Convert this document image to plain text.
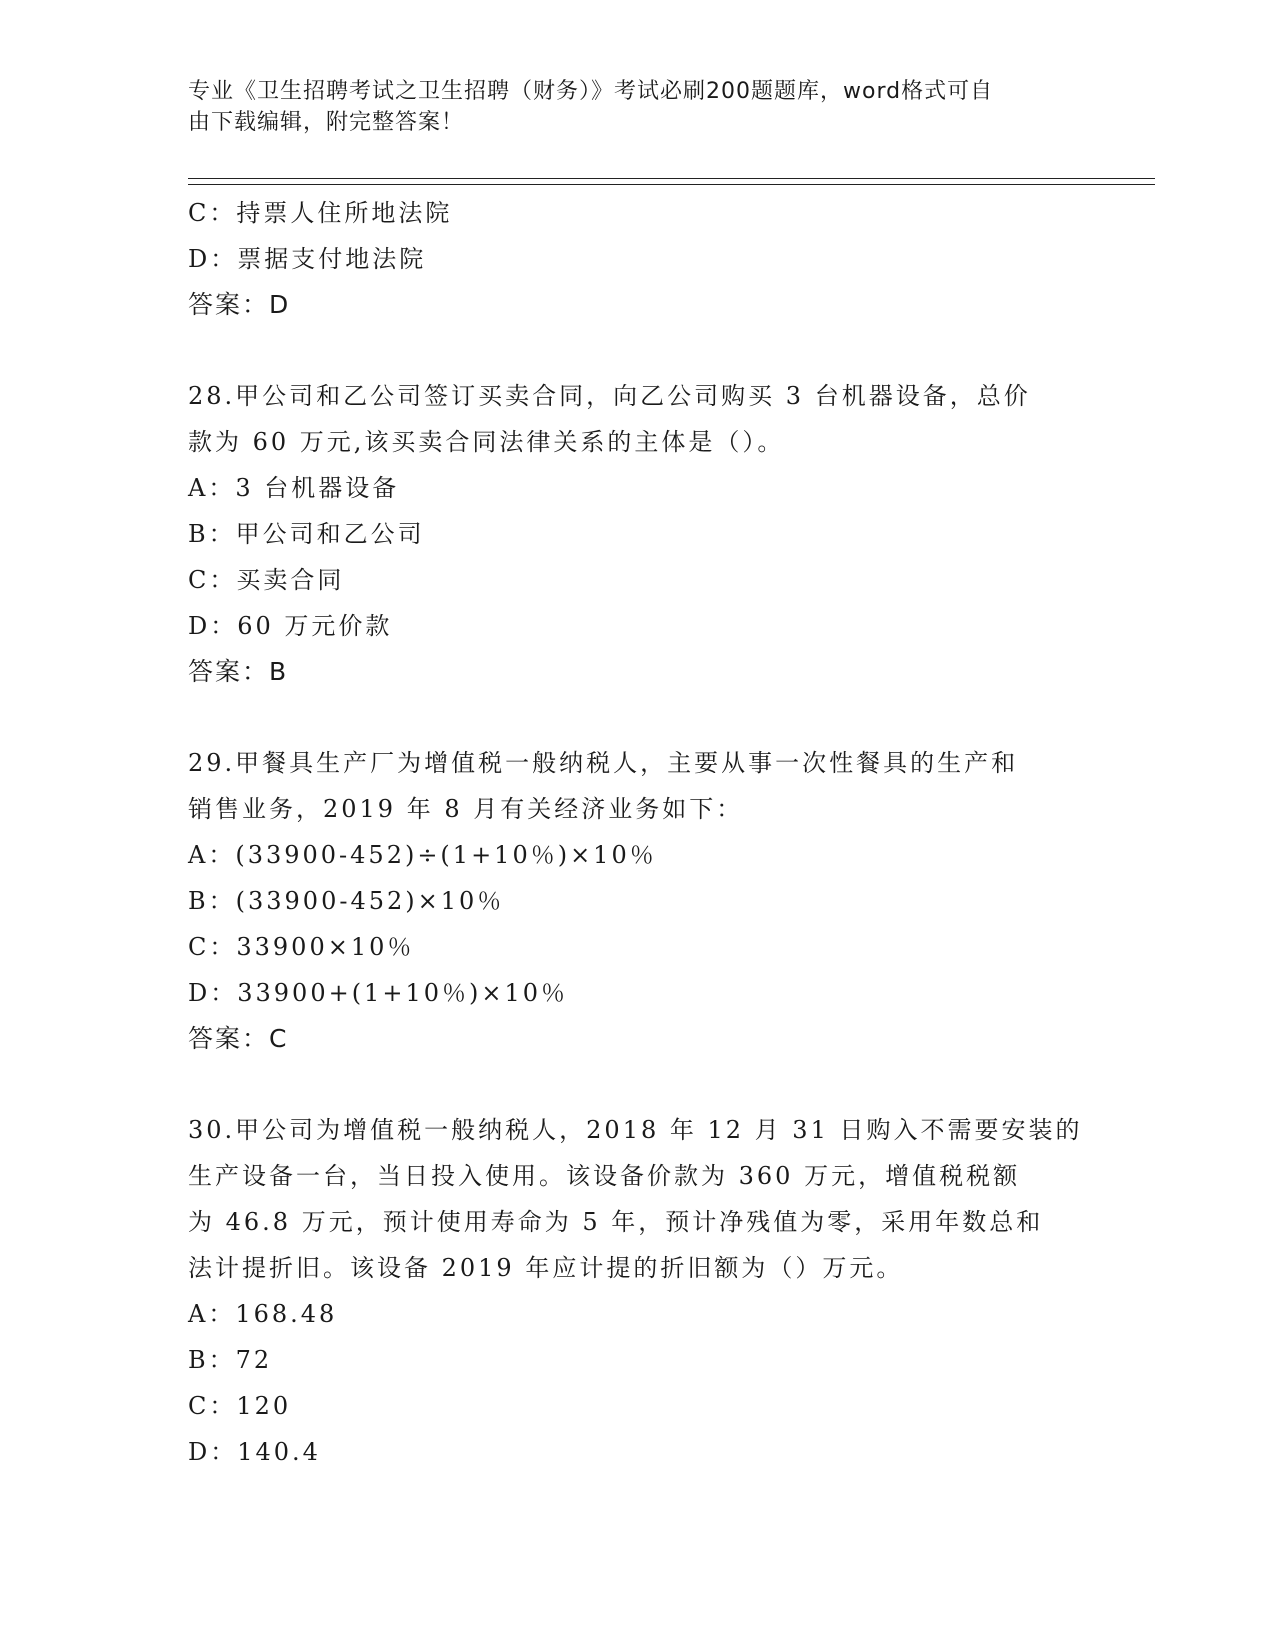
专业《卫生招聘考试之卫生招聘（财务）》考试必刷200题题库，word格式可自
由下载编辑，附完整答案！
C：持票人住所地法院
D：票据支付地法院
答案：D
28.甲公司和乙公司签订买卖合同，向乙公司购买 3 台机器设备，总价
款为 60 万元,该买卖合同法律关系的主体是（）。
A：3 台机器设备
B：甲公司和乙公司
C：买卖合同
D：60 万元价款
答案：B
29.甲餐具生产厂为增值税一般纳税人，主要从事一次性餐具的生产和
销售业务，2019 年 8 月有关经济业务如下：
A：(33900-452)÷(1+10％)×10％
B：(33900-452)×10％
C：33900×10％
D：33900+(1+10％)×10％
答案：C
30.甲公司为增值税一般纳税人，2018 年 12 月 31 日购入不需要安装的
生产设备一台，当日投入使用。该设备价款为 360 万元，增值税税额
为 46.8 万元，预计使用寿命为 5 年，预计净残值为零，采用年数总和
法计提折旧。该设备 2019 年应计提的折旧额为（）万元。
A：168.48
B：72
C：120
D：140.4
